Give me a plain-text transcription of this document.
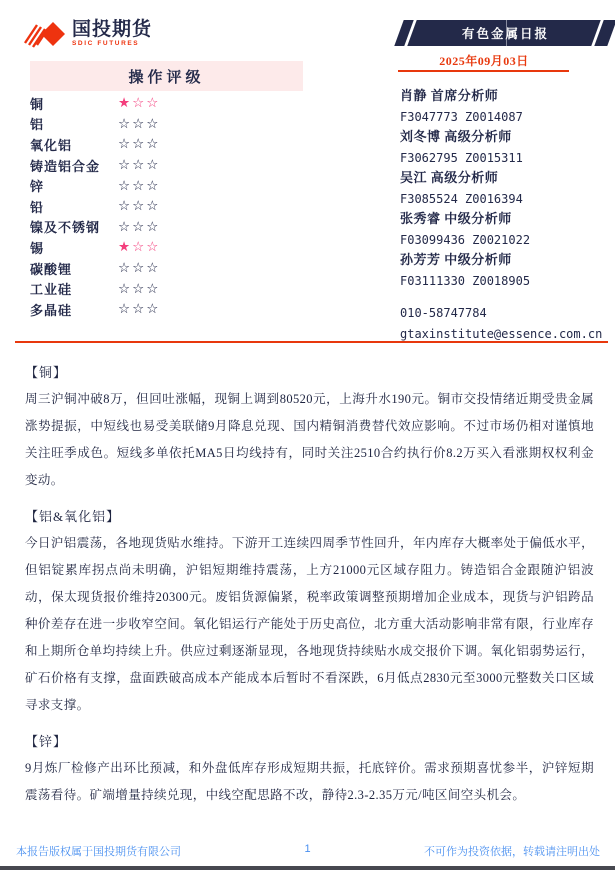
国投期货
SDIC FUTURES
有色金属日报
2025年09月03日
操作评级
铜	★☆☆
铝	☆☆☆
氧化铝	☆☆☆
铸造铝合金	☆☆☆
锌	☆☆☆
铅	☆☆☆
镍及不锈钢	☆☆☆
锡	★☆☆
碳酸锂	☆☆☆
工业硅	☆☆☆
多晶硅	☆☆☆
肖静 首席分析师
F3047773 Z0014087
刘冬博 高级分析师
F3062795 Z0015311
吴江 高级分析师
F3085524 Z0016394
张秀睿 中级分析师
F03099436 Z0021022
孙芳芳 中级分析师
F03111330 Z0018905
010-58747784
gtaxinstitute@essence.com.cn
【铜】

周三沪铜冲破8万，但回吐涨幅，现铜上调到80520元，上海升水190元。铜市交投情绪近期受贵金属涨势提振，中短线也易受美联储9月降息兑现、国内精铜消费替代效应影响。不过市场仍相对谨慎地关注旺季成色。短线多单依托MA5日均线持有，同时关注2510合约执行价8.2万买入看涨期权权利金变动。

【铝&氧化铝】

今日沪铝震荡，各地现货贴水维持。下游开工连续四周季节性回升，年内库存大概率处于偏低水平，但铝锭累库拐点尚未明确，沪铝短期维持震荡，上方21000元区域存阻力。铸造铝合金跟随沪铝波动，保太现货报价维持20300元。废铝货源偏紧，税率政策调整预期增加企业成本，现货与沪铝跨品种价差存在进一步收窄空间。氧化铝运行产能处于历史高位，北方重大活动影响非常有限，行业库存和上期所仓单均持续上升。供应过剩逐渐显现，各地现货持续贴水成交报价下调。氧化铝弱势运行，矿石价格有支撑，盘面跌破高成本产能成本后暂时不看深跌，6月低点2830元至3000元整数关口区域寻求支撑。

【锌】

9月炼厂检修产出环比预减，和外盘低库存形成短期共振，托底锌价。需求预期喜忧参半，沪锌短期震荡看待。矿端增量持续兑现，中线空配思路不改，静待2.3-2.35万元/吨区间空头机会。

本报告版权属于国投期货有限公司	1	不可作为投资依据，转载请注明出处
